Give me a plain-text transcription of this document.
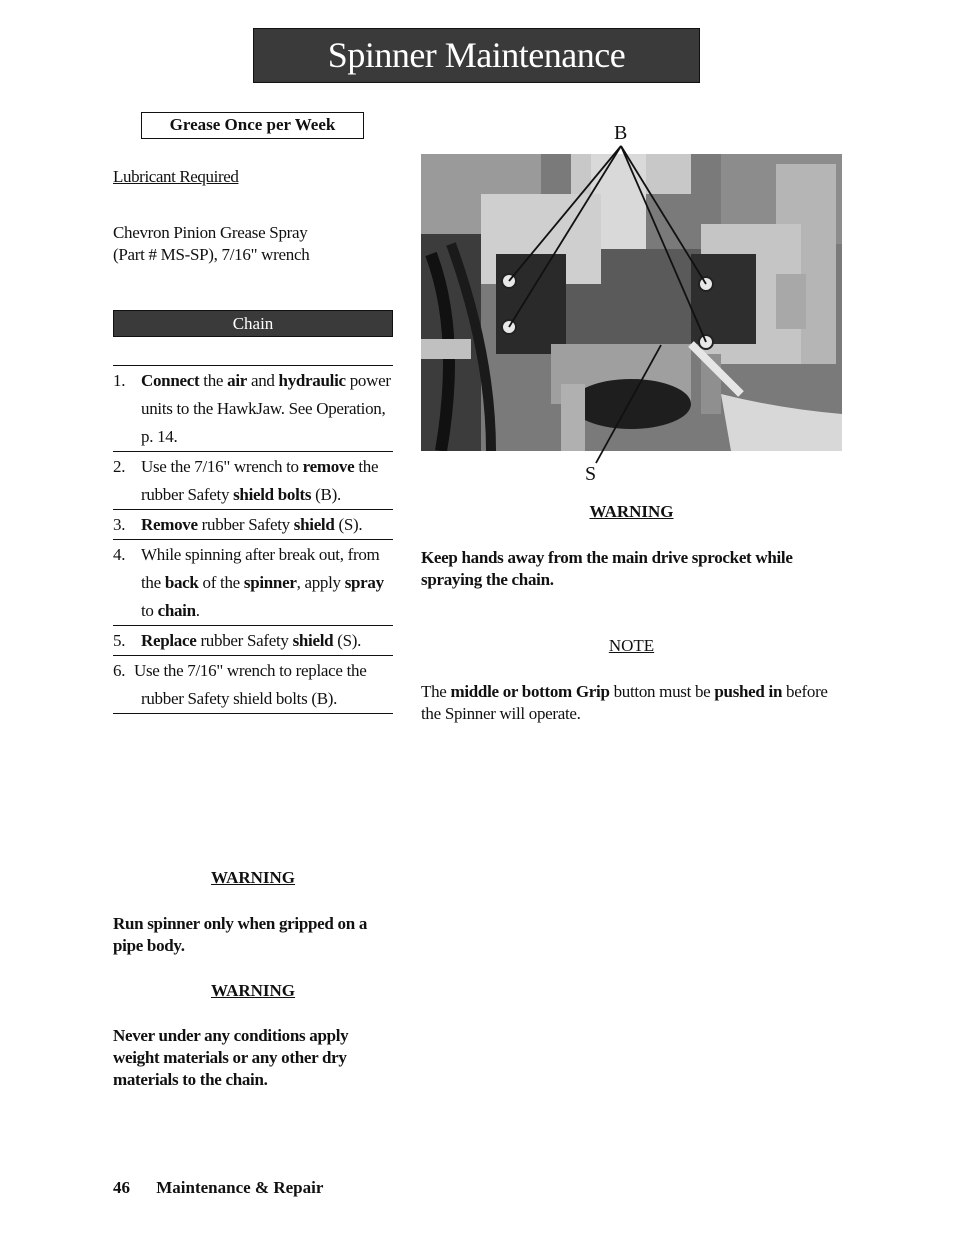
Spinner Maintenance
Grease Once per Week
Lubricant Required
Chevron Pinion Grease Spray
(Part # MS-SP), 7/16" wrench
Chain
1. Connect the air and hydraulic power units to the HawkJaw. See Operation, p. 14.
2. Use the 7/16" wrench to remove the rubber Safety shield bolts (B).
3. Remove rubber Safety shield (S).
4. While spinning after break out, from the back of the spinner, apply spray to chain.
5. Replace rubber Safety shield (S).
6. Use the 7/16" wrench to replace the rubber Safety shield bolts (B).
WARNING
Run spinner only when gripped on a pipe body.
WARNING
Never under any conditions apply weight materials or any other dry materials to the chain.
46 Maintenance & Repair
B
S
WARNING
Keep hands away from the main drive sprocket while spraying the chain.
NOTE
The middle or bottom Grip button must be pushed in before the Spinner will operate.
